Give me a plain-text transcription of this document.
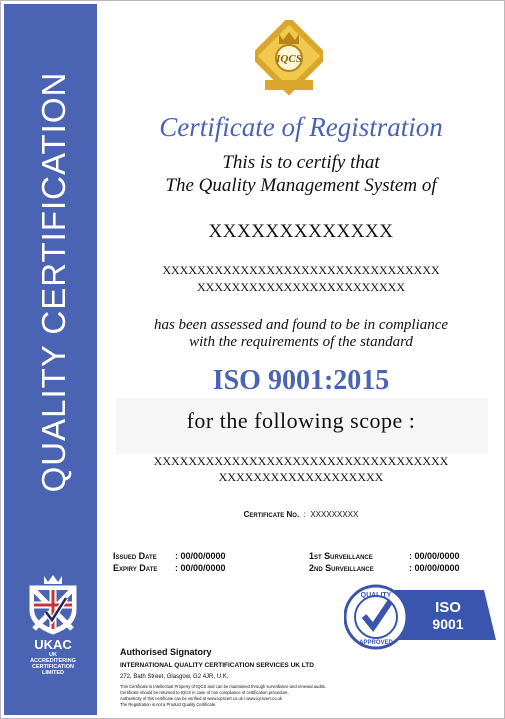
QUALITY CERTIFICATION
UKAC
UK
ACCREDITERING
CERTIFICATION
LIMITED
IQCS
Certificate of Registration
This is to certify that
The Quality Management System of
XXXXXXXXXXXXX
XXXXXXXXXXXXXXXXXXXXXXXXXXXXXXXX
XXXXXXXXXXXXXXXXXXXXXXXX
has been assessed and found to be in compliance
with the requirements of the standard
ISO 9001:2015
for the following scope :
XXXXXXXXXXXXXXXXXXXXXXXXXXXXXXXXXX
XXXXXXXXXXXXXXXXXXX
Certificate No. : XXXXXXXXX
Issued Date : 00/00/0000
Expiry Date : 00/00/0000
1st Surveillance	: 00/00/0000
2nd Surveillance	: 00/00/0000
QUALITY
APPROVED
ISO
9001
Authorised Signatory
INTERNATIONAL QUALITY CERTIFICATION SERVICES UK LTD
272, Bath Street, Glasgow, G2 4JR, U.K.
This Certificate is Intellectual Property of IQCS and can be maintained through surveillance and renewal audits.
Certificate should be returned to IQCS in case of non compliance of certification procedure.
Authenticity of this certificate can be verified at www.iqcscert.co.uk / www.iqcscert.co.uk
The Registration is not a Product Quality Certificate.
